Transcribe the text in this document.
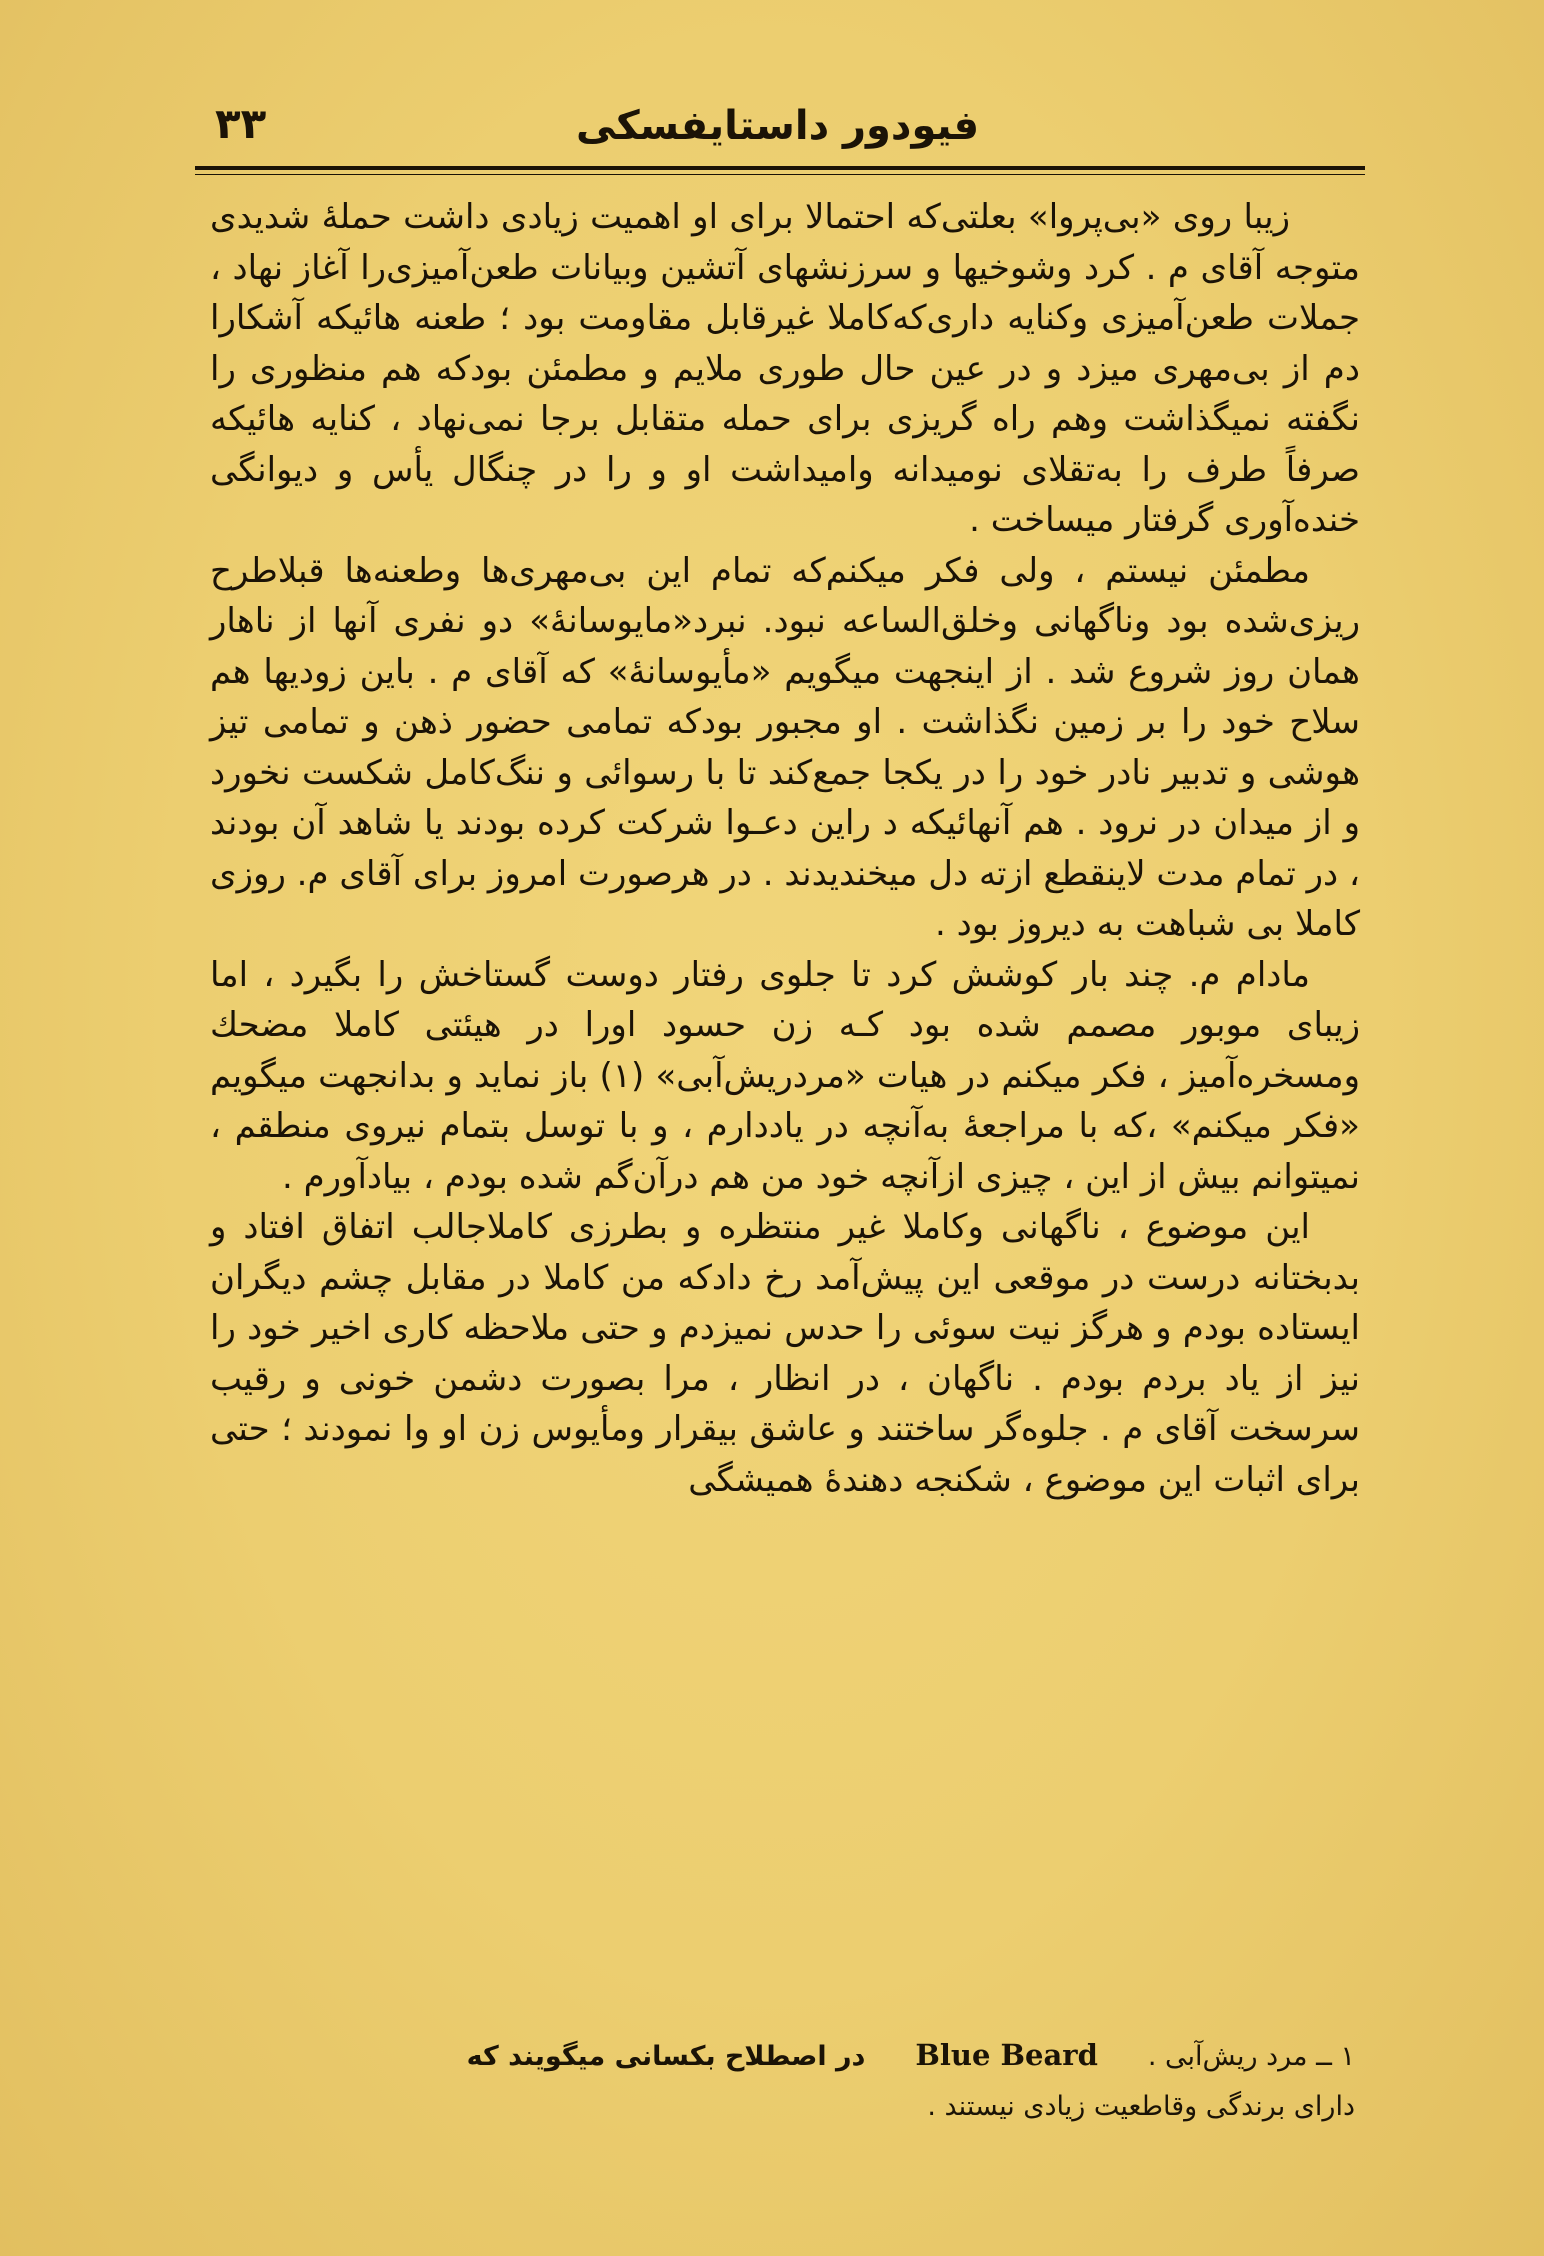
فیودور داستایفسکی
۳۳

زیبا روی «بی‌پروا» بعلتی‌که احتمالا برای او اهمیت زیادی داشت حملهٔ شدیدی متوجه آقای م . کرد وشوخیها و سرزنشهای آتشین وبیانات طعن‌آمیزی‌را آغاز نهاد ، جملات طعن‌آمیزی وکنایه داری‌که‌کاملا غیرقابل مقاومت بود ؛ طعنه هائیکه آشکارا دم از بی‌مهری میزد و در عین حال طوری ملایم و مطمئن بودکه هم منظوری را نگفته نمیگذاشت وهم راه گریزی برای حمله متقابل برجا نمی‌نهاد ، کنایه هائیکه صرفاً طرف را به‌تقلای نومیدانه وامیداشت او و را در چنگال یأس و دیوانگی خنده‌آوری گرفتار میساخت .

مطمئن نیستم ، ولی فکر میکنم‌که تمام این بی‌مهری‌ها وطعنه‌ها قبلاطرح ریزی‌شده بود وناگهانی وخلق‌الساعه نبود. نبرد«مایوسانهٔ» دو نفری آنها از ناهار همان روز شروع شد . از اینجهت میگویم «مأیوسانهٔ» که آقای م . باین زودیها هم سلاح خود را بر زمین نگذاشت . او مجبور بودکه تمامی حضور ذهن و تمامی تیز هوشی و تدبیر نادر خود را در یکجا جمع‌کند تا با رسوائی و ننگ‌کامل شکست نخورد و از میدان در نرود . هم آنهائیکه د راین دعـوا شرکت کرده بودند یا شاهد آن بودند ، در تمام مدت لاینقطع ازته دل میخندیدند . در هرصورت امروز برای آقای م. روزی کاملا بی شباهت به دیروز بود .

مادام م. چند بار کوشش کرد تا جلوی رفتار دوست گستاخش را بگیرد ، اما زیبای موبور مصمم شده بود کـه زن حسود اورا در هیئتی کاملا مضحك ومسخره‌آمیز ، فکر میکنم در هیات «مردریش‌آبی» (۱) باز نماید و بدانجهت میگویم «فکر میکنم» ،که با مراجعهٔ به‌آنچه در یاددارم ، و با توسل بتمام نیروی منطقم ، نمیتوانم بیش از این ، چیزی ازآنچه خود من هم درآن‌گم شده بودم ، بیادآورم .

این موضوع ، ناگهانی وکاملا غیر منتظره و بطرزی کاملاجالب اتفاق افتاد و بدبختانه درست در موقعی این پیش‌آمد رخ دادکه من کاملا در مقابل چشم دیگران ایستاده بودم و هرگز نیت سوئی را حدس نمیزدم و حتی ملاحظه کاری اخیر خود را نیز از یاد بردم بودم . ناگهان ، در انظار ، مرا بصورت دشمن خونی و رقیب سرسخت آقای م . جلوه‌گر ساختند و عاشق بیقرار ومأیوس زن او وا نمودند ؛ حتی برای اثبات این موضوع ، شکنجه دهندهٔ همیشگی

۱ ــ مرد ریش‌آبی .Blue Beardدر اصطلاح بکسانی میگویند که
دارای برندگی وقاطعیت زیادی نیستند .
